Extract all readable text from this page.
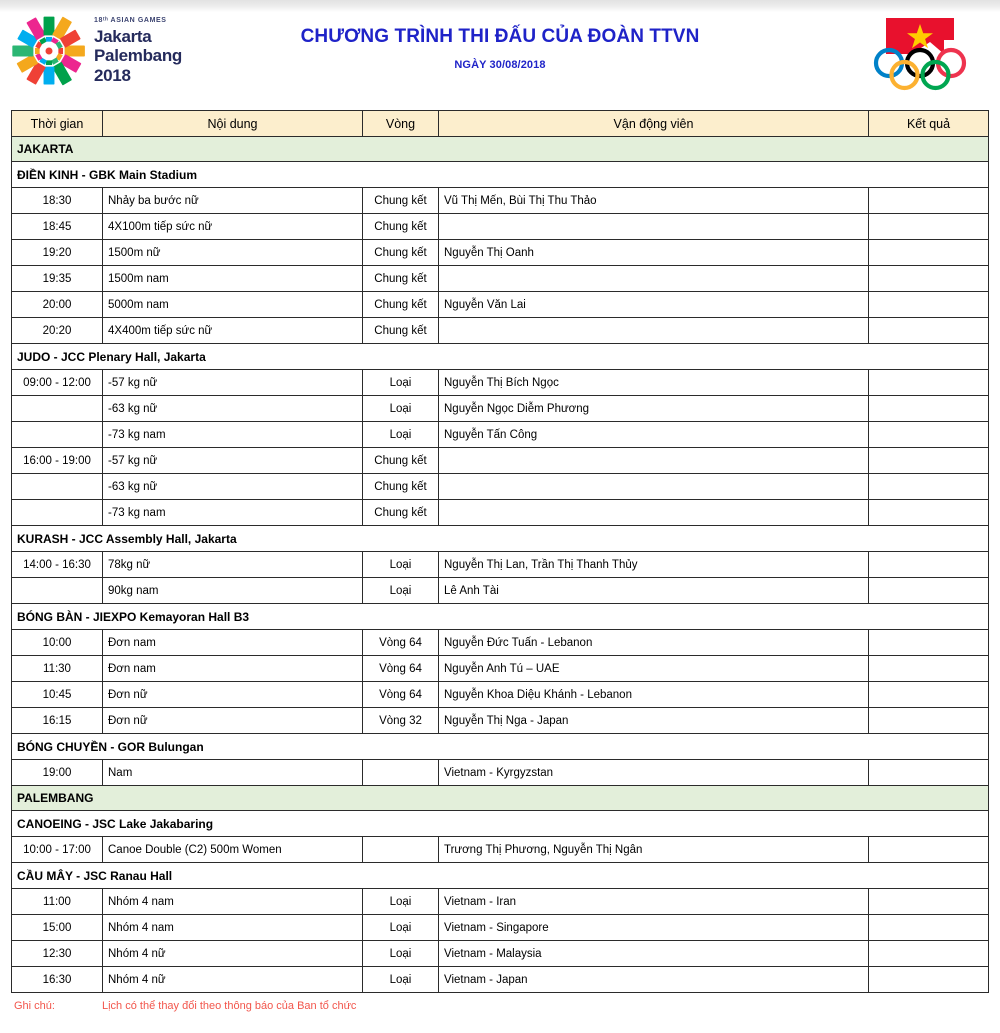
18ᵗʰ ASIAN GAMES
Jakarta
Palembang
2018
CHƯƠNG TRÌNH THI ĐẤU CỦA ĐOÀN TTVN
NGÀY 30/08/2018
Thời gian	Nội dung	Vòng	Vận động viên	Kết quả
JAKARTA				
ĐIỀN KINH - GBK Main Stadium				
18:30	Nhảy ba bước nữ	Chung kết	Vũ Thị Mến, Bùi Thị Thu Thảo	
18:45	4X100m tiếp sức nữ	Chung kết		
19:20	1500m nữ	Chung kết	Nguyễn Thị Oanh	
19:35	1500m nam	Chung kết		
20:00	5000m nam	Chung kết	Nguyễn Văn Lai	
20:20	4X400m tiếp sức nữ	Chung kết		
JUDO - JCC Plenary Hall, Jakarta				
09:00 - 12:00	-57 kg nữ	Loại	Nguyễn Thị Bích Ngọc	
	-63 kg nữ	Loại	Nguyễn Ngọc Diễm Phương	
	-73 kg nam	Loại	Nguyễn Tấn Công	
16:00 - 19:00	-57 kg nữ	Chung kết		
	-63 kg nữ	Chung kết		
	-73 kg nam	Chung kết		
KURASH - JCC Assembly Hall, Jakarta				
14:00 - 16:30	78kg nữ	Loại	Nguyễn Thị Lan, Trần Thị Thanh Thủy	
	90kg nam	Loại	Lê Anh Tài	
BÓNG BÀN - JIEXPO Kemayoran Hall B3				
10:00	Đơn nam	Vòng 64	Nguyễn Đức Tuấn - Lebanon	
11:30	Đơn nam	Vòng 64	Nguyễn Anh Tú – UAE	
10:45	Đơn nữ	Vòng 64	Nguyễn Khoa Diệu Khánh - Lebanon	
16:15	Đơn nữ	Vòng 32	Nguyễn Thị Nga - Japan	
BÓNG CHUYỀN - GOR Bulungan				
19:00	Nam		Vietnam - Kyrgyzstan	
PALEMBANG				
CANOEING - JSC Lake Jakabaring				
10:00 - 17:00	Canoe Double (C2) 500m Women		Trương Thị Phương, Nguyễn Thị Ngân	
CẦU MÂY - JSC Ranau Hall				
11:00	Nhóm 4 nam	Loại	Vietnam - Iran	
15:00	Nhóm 4 nam	Loại	Vietnam - Singapore	
12:30	Nhóm 4 nữ	Loại	Vietnam - Malaysia	
16:30	Nhóm 4 nữ	Loại	Vietnam - Japan	
Ghi chú:	Lịch có thể thay đổi theo thông báo của Ban tổ chức
